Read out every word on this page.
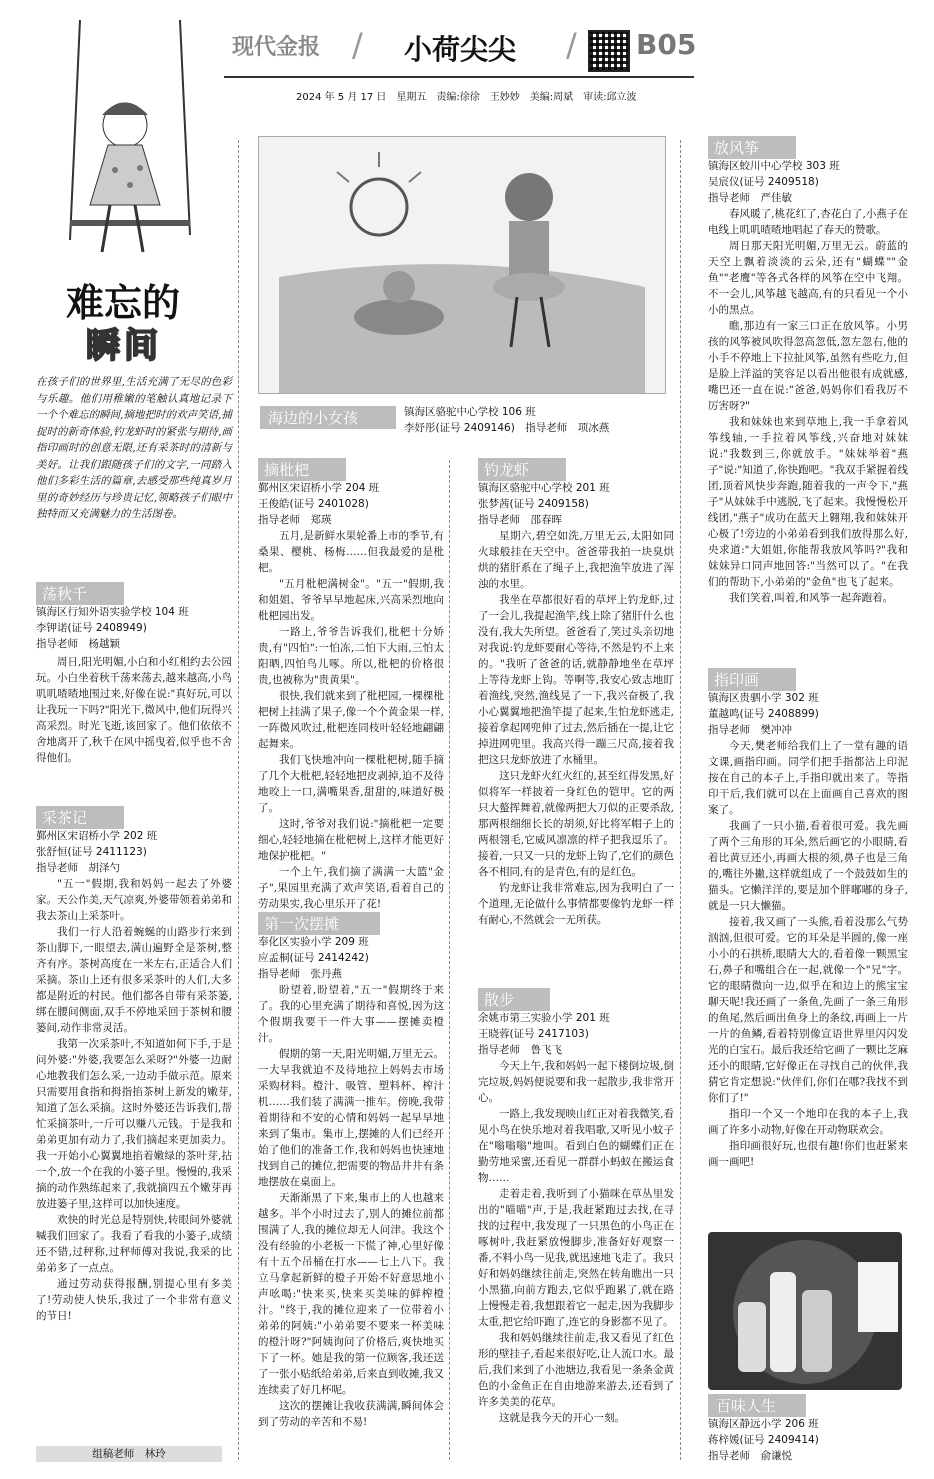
现代金报 / 小荷尖尖 / B05
2024 年 5 月 17 日　星期五　责编:徐徐　王妙妙　美编:周斌　审读:邱立波
难忘的
瞬间
在孩子们的世界里,生活充满了无尽的色彩与乐趣。他们用稚嫩的笔触认真地记录下一个个难忘的瞬间,摘地把时的欢声笑语,捕捉时的新奇体验,钓龙虾时的紧张与期待,画指印画时的创意无限,还有采茶时的清新与美好。让我们跟随孩子们的文字,一同踏入他们多彩生活的篇章,去感受那些纯真岁月里的奇妙经历与珍贵记忆,领略孩子们眼中独特而又充满魅力的生活图卷。
荡秋千
镇海区行知外语实验学校 104 班
李钾诺(证号 2408949)
指导老师　杨越颖

周日,阳光明媚,小白和小红相约去公园玩。小白坐着秋千荡来荡去,越来越高,小鸟叽叽喳喳地围过来,好像在说:"真好玩,可以让我玩一下吗?"阳光下,微风中,他们玩得兴高采烈。时光飞逝,该回家了。他们依依不舍地离开了,秋千在风中摇曳着,似乎也不舍得他们。

采茶记
鄞州区宋诏桥小学 202 班
张舒恒(证号 2411123)
指导老师　胡泽勺

"五一"假期,我和妈妈一起去了外婆家。天公作美,天气凉爽,外婆带领着弟弟和我去茶山上采茶叶。

我们一行人沿着蜿蜒的山路步行来到茶山脚下,一眼望去,满山遍野全是茶树,整齐有序。茶树高度在一米左右,正适合人们采摘。茶山上还有很多采茶叶的人们,大多都是附近的村民。他们都各自带有采茶篓,绑在腰间侧面,双手不停地采回于茶树和腰篓间,动作非常灵活。

我第一次采茶叶,不知道如何下手,于是问外婆:"外婆,我要怎么采呀?"外婆一边耐心地教我们怎么采,一边动手做示范。原来只需要用食指和拇指掐茶树上新发的嫩芽,知道了怎么采摘。这时外婆还告诉我们,帮忙采摘茶叶,一斤可以赚八元钱。于是我和弟弟更加有动力了,我们摘起来更加卖力。我一开始小心翼翼地掐着嫩绿的茶叶芽,拈一个,放一个在我的小篓子里。慢慢的,我采摘的动作熟练起来了,我就摘四五个嫩芽再放进篓子里,这样可以加快速度。

欢快的时光总是特别快,转眼间外婆就喊我们回家了。我看了看我的小篓子,成绩还不错,过秤称,过秤师傅对我说,我采的比弟弟多了一点点。

通过劳动获得报酬,别提心里有多美了!劳动使人快乐,我过了一个非常有意义的节日!

组稿老师　林玲
海边的小女孩	镇海区骆驼中心学校 106 班
李妤彤(证号 2409146)　指导老师　项冰燕
摘枇杷
鄞州区宋诏桥小学 204 班
王俊皓(证号 2401028)
指导老师　郑瑛

五月,是新鲜水果轮番上市的季节,有桑果、樱桃、杨梅……但我最爱的是枇杷。

"五月枇杷满树金"。"五一"假期,我和姐姐、爷爷早早地起床,兴高采烈地向枇杷园出发。

一路上,爷爷告诉我们,枇杷十分娇贵,有"四怕":一怕冻,二怕下大雨,三怕太阳晒,四怕鸟儿啄。所以,枇杷的价格很贵,也被称为"贵黄果"。

很快,我们就来到了枇杷园,一棵棵枇杷树上挂满了果子,像一个个黄金果一样,一阵微风吹过,枇杷连同枝叶轻轻地翩翩起舞来。

我们飞快地冲向一棵枇杷树,随手摘了几个大枇杷,轻轻地把皮剥掉,迫不及待地咬上一口,满嘴果香,甜甜的,味道好极了。

这时,爷爷对我们说:"摘枇杷一定要细心,轻轻地摘在枇杷树上,这样才能更好地保护枇杷。"

一个上午,我们摘了满满一大篮"金子",果园里充满了欢声笑语,看着自己的劳动果实,我心里乐开了花!

第一次摆摊
奉化区实验小学 209 班
应孟桐(证号 2414242)
指导老师　张丹燕

盼望着,盼望着,"五一"假期终于来了。我的心里充满了期待和喜悦,因为这个假期我要干一件大事——摆摊卖橙汁。

假期的第一天,阳光明媚,万里无云。一大早我就迫不及待地拉上妈妈去市场采购材料。橙汁、吸管、塑料杯、榨汁机……我们装了满满一推车。傍晚,我带着期待和不安的心情和妈妈一起早早地来到了集市。集市上,摆摊的人们已经开始了他们的准备工作,我和妈妈也快速地找到自己的摊位,把需要的物品井井有条地摆放在桌面上。

天渐渐黑了下来,集市上的人也越来越多。半个小时过去了,别人的摊位前都围满了人,我的摊位却无人问津。我这个没有经验的小老板一下慌了神,心里好像有十五个吊桶在打水——七上八下。我立马拿起新鲜的橙子开始不好意思地小声吆喝:"快来买,快来买美味的鲜榨橙汁。"终于,我的摊位迎来了一位带着小弟弟的阿姨:"小弟弟要不要来一杯美味的橙汁呀?"阿姨询问了价格后,爽快地买下了一杯。她是我的第一位顾客,我还送了一张小贴纸给弟弟,后来直到收摊,我又连续卖了好几杯呢。

这次的摆摊让我收获满满,瞬间体会到了劳动的辛苦和不易!

钓龙虾
镇海区骆驼中心学校 201 班
张梦茜(证号 2409158)
指导老师　邵春晖

星期六,碧空如洗,万里无云,太阳如同火球般挂在天空中。爸爸带我拍一块臭烘烘的猪肝系在了绳子上,我把渔竿放进了浑浊的水里。

我坐在草都很好看的草坪上钓龙虾,过了一会儿,我提起渔竿,线上除了猪肝什么也没有,我大失所望。爸爸看了,笑过头亲切地对我说:钓龙虾要耐心等待,不然是钓不上来的。"我听了爸爸的话,就静静地坐在草坪上等待龙虾上钩。等啊等,我安心致志地盯着渔线,突然,渔线晃了一下,我兴奋极了,我小心翼翼地把渔竿提了起来,生怕龙虾逃走,接着拿起网兜伸了过去,然后插在一提,让它掉进网兜里。我高兴得一蹦三尺高,接着我把这只龙虾放进了水桶里。

这只龙虾火红火红的,甚至红得发黑,好似将军一样披着一身红色的铠甲。它的两只大螯挥舞着,就像两把大刀似的正要杀敌,那两根细细长长的胡须,好比将军帽子上的两根翎毛,它威风凛凛的样子把我逗乐了。接着,一只又一只的龙虾上钩了,它们的颜色各不相同,有的是青色,有的是红色。

钓龙虾让我非常难忘,因为我明白了一个道理,无论做什么事情都要像钓龙虾一样有耐心,不然就会一无所获。

散步
余姚市第三实验小学 201 班
王晓蓉(证号 2417103)
指导老师　鲁飞飞

今天上午,我和妈妈一起下楼倒垃圾,倒完垃圾,妈妈便说要和我一起散步,我非常开心。

一路上,我发现映山红正对着我微笑,看见小鸟在快乐地对着我唱歌,又听见小蚊子在"嗡嗡嗡"地叫。看到白色的蝴蝶们正在勤劳地采蜜,还看见一群群小蚂蚁在搬运食物……

走着走着,我听到了小猫咪在草丛里发出的"喵喵"声,于是,我赶紧跑过去找,在寻找的过程中,我发现了一只黑色的小鸟正在啄树叶,我赶紧放慢脚步,准备好好观察一番,不料小鸟一见我,就迅速地飞走了。我只好和妈妈继续往前走,突然在转角瞧出一只小黑猫,向前方跑去,它似乎跑累了,就在路上慢慢走着,我想跟着它一起走,因为我脚步太重,把它给吓跑了,连它的身影都不见了。

我和妈妈继续往前走,我又看见了红色形的壁挂子,看起来很好吃,让人流口水。最后,我们来到了小池塘边,我看见一条条金黄色的小金鱼正在自由地游来游去,还看到了许多美美的花草。

这就是我今天的开心一刻。

放风筝
镇海区蛟川中心学校 303 班
吴宸仪(证号 2409518)
指导老师　严佳敏

春风暖了,桃花红了,杏花白了,小燕子在电线上叽叽喳喳地唱起了春天的赞歌。

周日那天阳光明媚,万里无云。蔚蓝的天空上飘着淡淡的云朵,还有"蝴蝶""金鱼""老鹰"等各式各样的风筝在空中飞翔。不一会儿,风筝越飞越高,有的只看见一个小小的黑点。

瞧,那边有一家三口正在放风筝。小男孩的风筝被风吹得忽高忽低,忽左忽右,他的小手不停地上下拉扯风筝,虽然有些吃力,但是脸上洋溢的笑容足以看出他很有成就感,嘴巴还一直在说:"爸爸,妈妈你们看我厉不厉害呀?"

我和妹妹也来到草地上,我一手拿着风筝线轴,一手拉着风筝线,兴奋地对妹妹说:"我数到三,你就放手。"妹妹举着"燕子"说:"知道了,你快跑吧。"我双手紧握着线团,顶着风快步奔跑,随着我的一声令下,"燕子"从妹妹手中逃脱,飞了起来。我慢慢松开线团,"燕子"成功在蓝天上翱翔,我和妹妹开心极了!旁边的小弟弟看到我们放得那么好,央求道:"大姐姐,你能帮我放风筝吗?"我和妹妹异口同声地回答:"当然可以了。"在我们的帮助下,小弟弟的"金鱼"也飞了起来。

我们笑着,叫着,和风筝一起奔跑着。

指印画
镇海区贵驷小学 302 班
董越鸣(证号 2408899)
指导老师　樊冲冲

今天,樊老师给我们上了一堂有趣的语文课,画指印画。同学们把手指都沾上印泥按在自己的本子上,手指印就出来了。等指印干后,我们就可以在上面画自己喜欢的图案了。

我画了一只小猫,看着很可爱。我先画了两个三角形的耳朵,然后画它的小眼睛,看着比黄豆还小,再画大根的须,鼻子也是三角的,嘴往外撇,这样就组成了一个鼓鼓如生的猫头。它懒洋洋的,要是加个胖嘟嘟的身子,就是一只大懒猫。

接着,我又画了一头熊,看着没那么气势汹汹,但很可爱。它的耳朵是半圆的,像一座小小的石拱桥,眼睛大大的,看着像一颗黑宝石,鼻子和嘴组合在一起,就像一个"兄"字。它的眼睛微向一边,似乎在和边上的熊宝宝聊天呢!我还画了一条鱼,先画了一条三角形的鱼尾,然后画出鱼身上的条纹,再画上一片一片的鱼鳞,看着特别像宣语世界里闪闪发光的白宝石。最后我还给它画了一颗比芝麻还小的眼睛,它好像正在寻找自己的伙伴,我猜它肯定想说:"伙伴们,你们在哪?我找不到你们了!"

指印一个又一个地印在我的本子上,我画了许多小动物,好像在开动物联欢会。

指印画很好玩,也很有趣!你们也赶紧来画一画吧!

百味人生
镇海区静远小学 206 班
蒋梓媛(证号 2409414)
指导老师　俞谦悦
